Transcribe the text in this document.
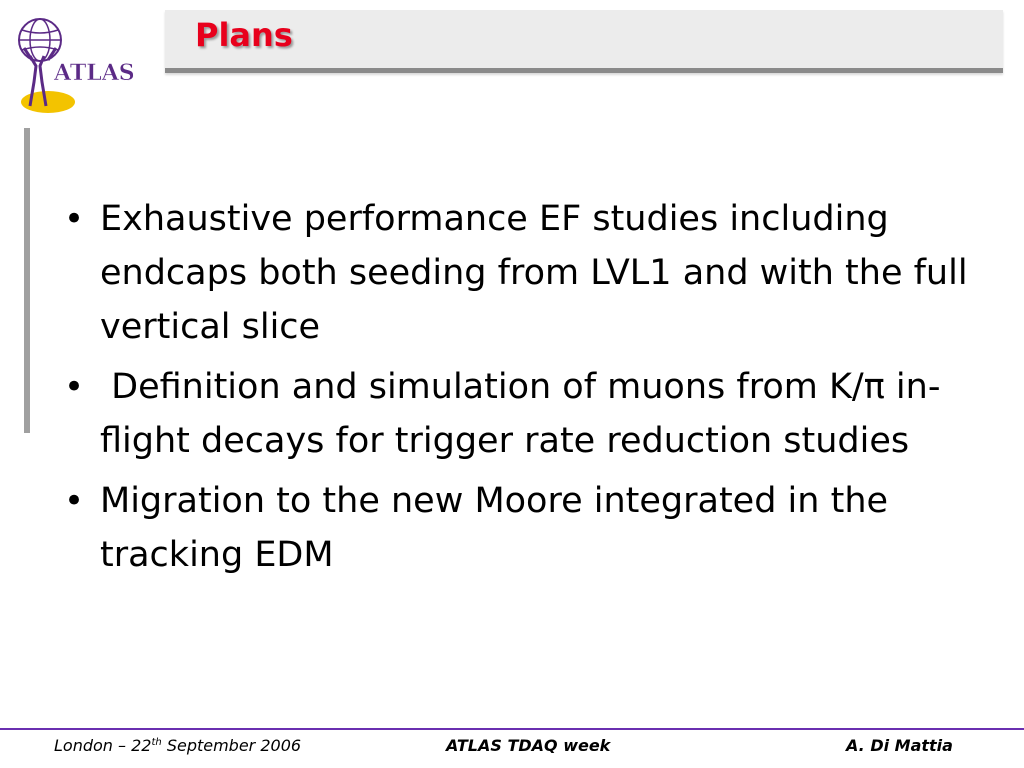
ATLAS
Plans
• Exhaustive performance EF studies including endcaps both seeding from LVL1 and with the full vertical slice
• Definition and simulation of muons from K/π in-flight decays for trigger rate reduction studies
• Migration to the new Moore integrated in the tracking EDM
London – 22th September 2006	ATLAS TDAQ week	A. Di Mattia
